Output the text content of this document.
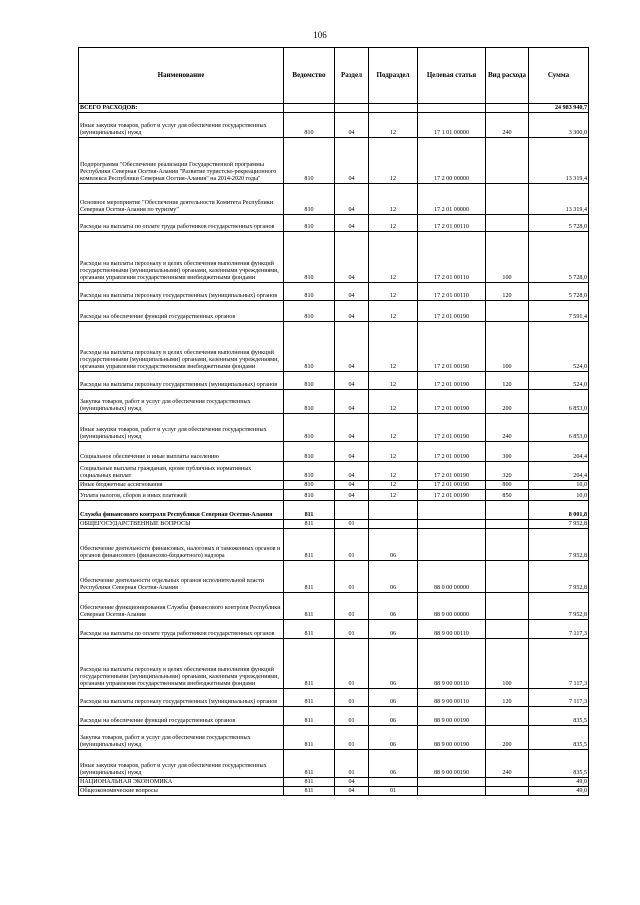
106
Наименование	Ведомство	Раздел	Подраздел	Целевая статья	Вид расхода	Сумма
ВСЕГО РАСХОДОВ:						24 983 940,7
Иные закупки товаров, работ и услуг для обеспечения государственных (муниципальных) нужд	810	04	12	17 1 01 00000	240	3 300,0
Подпрограмма "Обеспечение реализации Государственной программы Республики Северная Осетия-Алания "Развитие туристско-рекреационного комплекса Республики Северная Осетия-Алания" на 2014-2020 годы"	810	04	12	17 2 00 00000		13 319,4
Основное мероприятие "Обеспечение деятельности Комитета Республики Северная Осетия-Алания по туризму"	810	04	12	17 2 01 00000		13 319,4
Расходы на выплаты по оплате труда работников государственных органов	810	04	12	17 2 01 00110		5 728,0
Расходы на выплаты персоналу в целях обеспечения выполнения функций государственными (муниципальными) органами, казенными учреждениями, органами управления государственными внебюджетными фондами	810	04	12	17 2 01 00110	100	5 728,0
Расходы на выплаты персоналу государственных (муниципальных) органов	810	04	12	17 2 01 00110	120	5 728,0
Расходы на обеспечение функций государственных органов	810	04	12	17 2 01 00190		7 591,4
Расходы на выплаты персоналу в целях обеспечения выполнения функций государственными (муниципальными) органами, казенными учреждениями, органами управления государственными внебюджетными фондами	810	04	12	17 2 01 00190	100	524,0
Расходы на выплаты персоналу государственных (муниципальных) органов	810	04	12	17 2 01 00190	120	524,0
Закупка товаров, работ и услуг для обеспечения государственных (муниципальных) нужд	810	04	12	17 2 01 00190	200	6 853,0
Иные закупки товаров, работ и услуг для обеспечения государственных (муниципальных) нужд	810	04	12	17 2 01 00190	240	6 853,0
Социальное обеспечение и иные выплаты населению	810	04	12	17 2 01 00190	300	204,4
Социальные выплаты гражданам, кроме публичных нормативных социальных выплат	810	04	12	17 2 01 00190	320	204,4
Иные бюджетные ассигнования	810	04	12	17 2 01 00190	800	10,0
Уплата налогов, сборов и иных платежей	810	04	12	17 2 01 00190	850	10,0
Служба финансового контроля Республики Северная Осетия-Алания	811					8 001,8
ОБЩЕГОСУДАРСТВЕННЫЕ ВОПРОСЫ	811	01				7 952,8
Обеспечение деятельности финансовых, налоговых и таможенных органов и органов финансового (финансово-бюджетного) надзора	811	01	06			7 952,8
Обеспечение деятельности отдельных органов исполнительной власти Республики Северная Осетия-Алания	811	01	06	88 0 00 00000		7 952,8
Обеспечение функционирования Службы финансового контроля Республики Северная Осетия-Алания	811	01	06	88 9 00 00000		7 952,8
Расходы на выплаты по оплате труда работников государственных органов	811	01	06	88 9 00 00110		7 117,3
Расходы на выплаты персоналу в целях обеспечения выполнения функций государственными (муниципальными) органами, казенными учреждениями, органами управления государственными внебюджетными фондами	811	01	06	88 9 00 00110	100	7 117,3
Расходы на выплаты персоналу государственных (муниципальных) органов	811	01	06	88 9 00 00110	120	7 117,3
Расходы на обеспечение функций государственных органов	811	01	06	88 9 00 00190		835,5
Закупка товаров, работ и услуг для обеспечения государственных (муниципальных) нужд	811	01	06	88 9 00 00190	200	835,5
Иные закупки товаров, работ и услуг для обеспечения государственных (муниципальных) нужд	811	01	06	88 9 00 00190	240	835,5
НАЦИОНАЛЬНАЯ ЭКОНОМИКА	811	04				49,0
Общеэкономические вопросы	811	04	01			49,0
